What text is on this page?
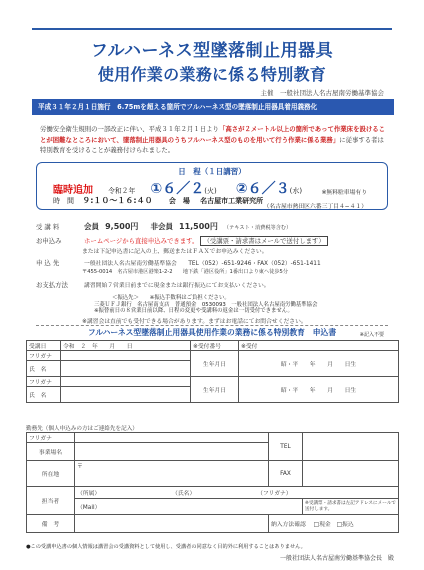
フルハーネス型墜落制止用器具
使用作業の業務に係る特別教育
主催　一般社団法人名古屋南労働基準協会
平成３１年２月１日施行　6.75mを超える箇所でフルハーネス型の墜落制止用器具着用義務化
労働安全衛生規則の一部改正に伴い、平成３１年２月１日より「高さが２メートル以上の箇所であって作業床を設けることが困難なところにおいて、墜落制止用器具のうちフルハーネス型のものを用いて行う作業に係る業務」に従事する者は特別教育を受けることが義務付けられました。
日　程（１日講習）
臨時追加 令和２年 ①６／２(火) ②６／３(水)
時　間 ９:１０～１６:４０ 会　場 名古屋市工業研究所
※無料駐車場有り
（名古屋市熱田区六番三丁目４−４１）
受 講 料	会員 9,500円 非会員 11,500円 （テキスト・消費税等含む）
お申込み	ホームページから直接申込みできます。 （受講票・請求書はメールで送付します）
または下記申込書に記入の上、郵送またはＦＡＸでお申込みください。
申 込 先	一般社団法人名古屋南労働基準協会　　TEL（052）-651-9246・FAX（052）-651-1411
〒455-0014　名古屋市港区港楽1-2-2　　地下鉄「港区役所」1番出口より東へ徒歩5分
お支払方法	講習開始７営業日前までに現金または銀行振込にてお支払いください。
＜振込先＞　　※振込手数料はご負担ください。
三菱ＵＦＪ銀行　名古屋南支店　普通預金　0530093　一般社団法人名古屋南労働基準協会
※振替前日の８営業日前以降、日程の変更や受講料の返金は一切受付できません。
※講習会は直前でも受付できる場合があります。まずはお電話にてお問合せください。
フルハーネス型墜落制止用器具使用作業の業務に係る特別教育　申込書	※記入不要
受講日	令和　２　年　　月　　日	※受付番号	※受付
フリガナ		生年月日	昭・平　　年　　月　　日生
氏　名			
フリガナ		生年月日	昭・平　　年　　月　　日生
氏　名			
勤務先（個人申込みの方はご連絡先を記入）
フリガナ		TEL	
事業場名			
所在地	〒	FAX	
担当者	（所属） （氏名） （フリガナ）		
	（Mail）		※受講票・請求書は左記アドレスにメールで送付します。
備　考		納入方法確認 □現金 □振込	
●この受講申込書の個人情報は講習会の受講資料として使用し、受講者の同意なく目的外に利用することはありません。
一般社団法人名古屋南労働基準協会長　殿
